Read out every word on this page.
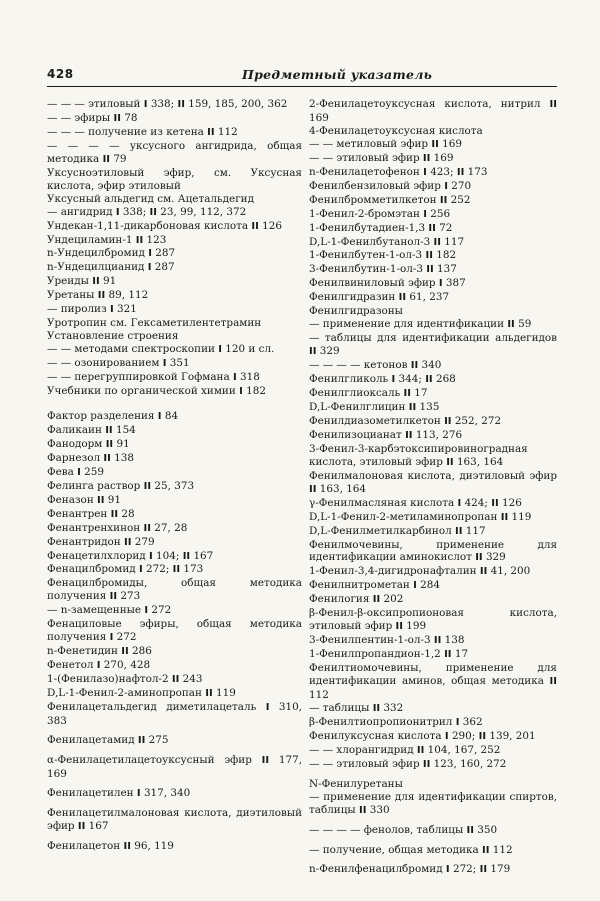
428	Предметный указатель
— — — этиловый I 338; II 159, 185, 200, 362
— — эфиры II 78
— — — получение из кетена II 112
— — — — уксусного ангидрида, общая методика II 79
Уксусноэтиловый эфир, см. Уксусная кислота, эфир этиловый
Уксусный альдегид см. Ацетальдегид
— ангидрид I 338; II 23, 99, 112, 372
Ундекан-1,11-дикарбоновая кислота II 126
Ундециламин-1 II 123
n-Ундецилбромид I 287
n-Ундецилцианид I 287
Уреиды II 91
Уретаны II 89, 112
— пиролиз I 321
Уротропин см. Гексаметилентетрамин
Установление строения
— — методами спектроскопии I 120 и сл.
— — озонированием I 351
— — перегруппировкой Гофмана I 318
Учебники по органической химии I 182
Фактор разделения I 84
Фаликаин II 154
Фанодорм II 91
Фарнезол II 138
Фева I 259
Фелинга раствор II 25, 373
Феназон II 91
Фенантрен II 28
Фенантренхинон II 27, 28
Фенантридон II 279
Фенацетилхлорид I 104; II 167
Фенацилбромид I 272; II 173
Фенацилбромиды, общая методика получения II 273
— n-замещенные I 272
Фенациловые эфиры, общая методика получения I 272
n-Фенетидин II 286
Фенетол I 270, 428
1-(Фенилазо)нафтол-2 II 243
D,L-1-Фенил-2-аминопропан II 119
Фенилацетальдегид диметилацеталь I 310, 383
Фенилацетамид II 275
α-Фенилацетилацетоуксусный эфир II 177, 169
Фенилацетилен I 317, 340
Фенилацетилмалоновая кислота, диэтиловый эфир II 167
Фенилацетон II 96, 119
2-Фенилацетоуксусная кислота, нитрил II 169
4-Фенилацетоуксусная кислота
— — метиловый эфир II 169
— — этиловый эфир II 169
n-Фенилацетофенон I 423; II 173
Фенилбензиловый эфир I 270
Фенилбромметилкетон II 252
1-Фенил-2-бромэтан I 256
1-Фенилбутадиен-1,3 II 72
D,L-1-Фенилбутанол-3 II 117
1-Фенилбутен-1-ол-3 II 182
3-Фенилбутин-1-ол-3 II 137
Фенилвиниловый эфир I 387
Фенилгидразин II 61, 237
Фенилгидразоны
— применение для идентификации II 59
— таблицы для идентификации альдегидов II 329
— — — — кетонов II 340
Фенилгликоль I 344; II 268
Фенилглиоксаль II 17
D,L-Фенилглицин II 135
Фенилдиазометилкетон II 252, 272
Фенилизоцианат II 113, 276
3-Фенил-3-карбэтоксипировиноградная кислота, этиловый эфир II 163, 164
Фенилмалоновая кислота, диэтиловый эфир II 163, 164
γ-Фенилмасляная кислота I 424; II 126
D,L-1-Фенил-2-метиламинопропан II 119
D,L-Фенилметилкарбинол II 117
Фенилмочевины, применение для идентификации аминокислот II 329
1-Фенил-3,4-дигидронафталин II 41, 200
Фенилнитрометан I 284
Фенилогия II 202
β-Фенил-β-оксипропионовая кислота, этиловый эфир II 199
3-Фенилпентин-1-ол-3 II 138
1-Фенилпропандион-1,2 II 17
Фенилтиомочевины, применение для идентификации аминов, общая методика II 112
— таблицы II 332
β-Фенилтиопропионитрил I 362
Фенилуксусная кислота I 290; II 139, 201
— — хлорангидрид II 104, 167, 252
— — этиловый эфир II 123, 160, 272
N-Фенилуретаны
— применение для идентификации спиртов, таблицы II 330
— — — — фенолов, таблицы II 350
— получение, общая методика II 112
n-Фенилфенацилбромид I 272; II 179
